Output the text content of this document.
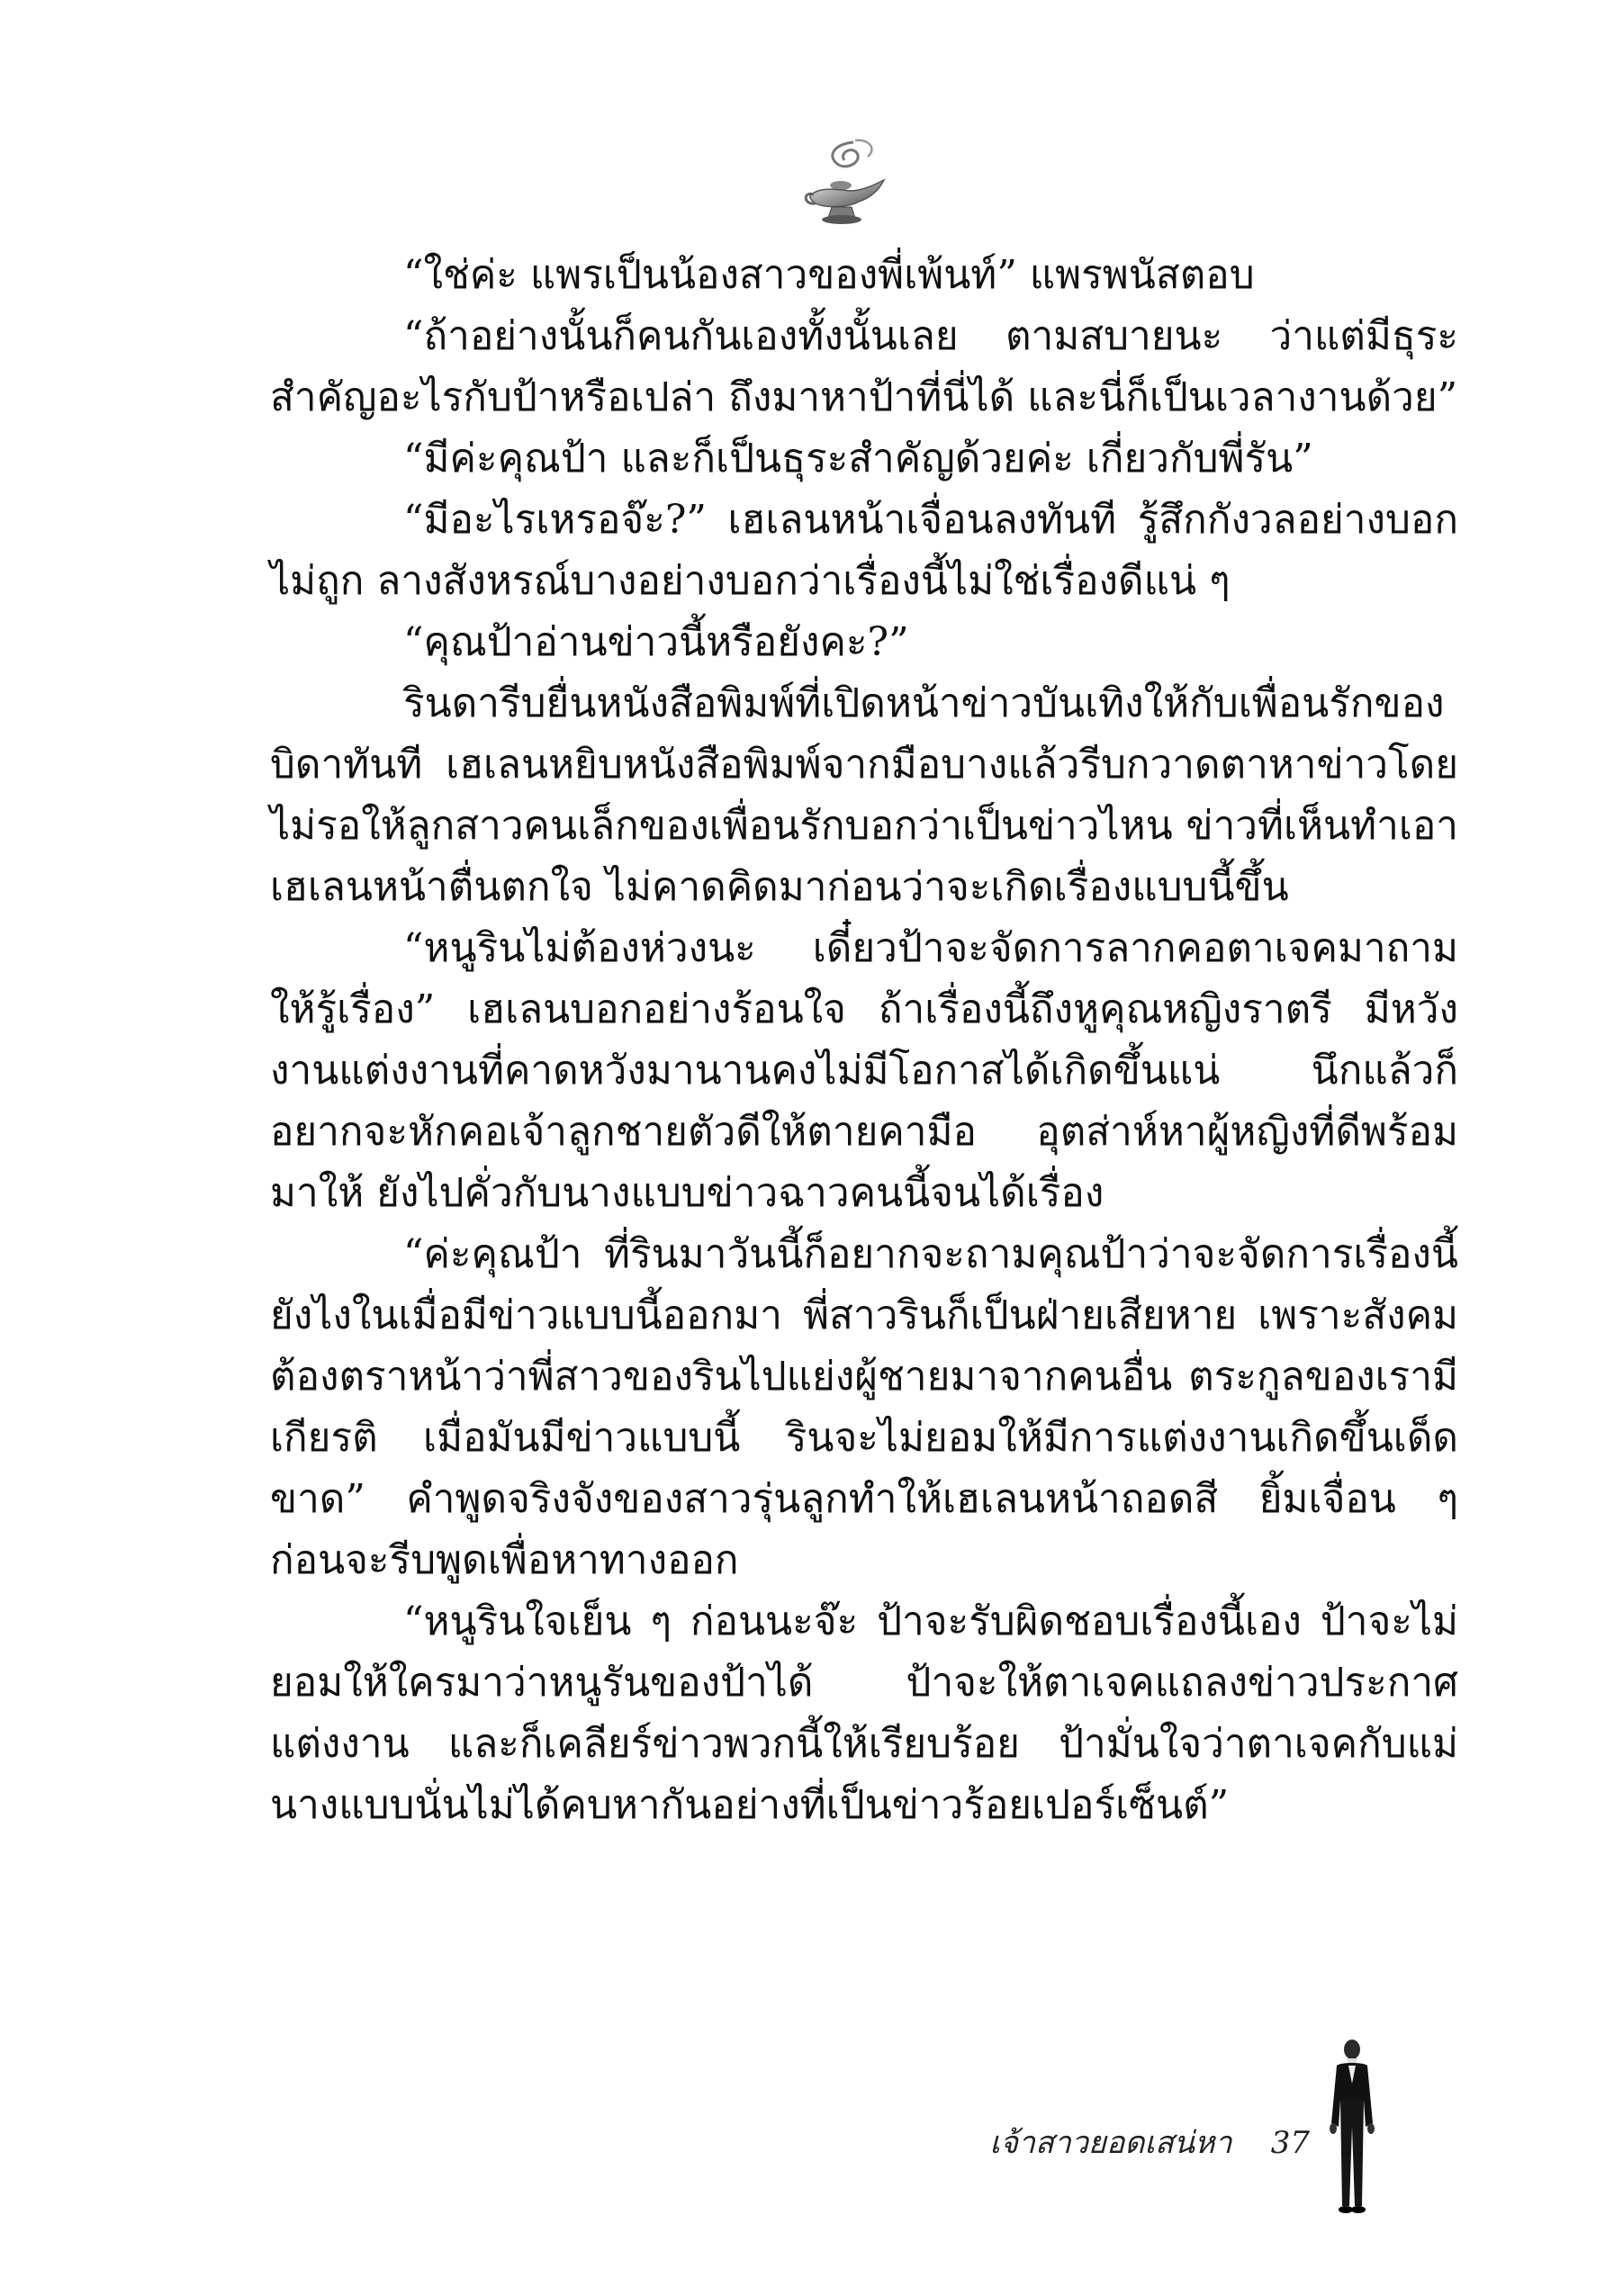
“ใช่ค่ะ แพรเป็นน้องสาวของพี่เพ้นท์” แพรพนัสตอบ

“ถ้าอย่างนั้นก็คนกันเองทั้งนั้นเลย ตามสบายนะ ว่าแต่มีธุระสำคัญอะไรกับป้าหรือเปล่า ถึงมาหาป้าที่นี่ได้ และนี่ก็เป็นเวลางานด้วย”

“มีค่ะคุณป้า และก็เป็นธุระสำคัญด้วยค่ะ เกี่ยวกับพี่รัน”

“มีอะไรเหรอจ๊ะ?” เฮเลนหน้าเจื่อนลงทันที รู้สึกกังวลอย่างบอกไม่ถูก ลางสังหรณ์บางอย่างบอกว่าเรื่องนี้ไม่ใช่เรื่องดีแน่ ๆ

“คุณป้าอ่านข่าวนี้หรือยังคะ?”

รินดารีบยื่นหนังสือพิมพ์ที่เปิดหน้าข่าวบันเทิงให้กับเพื่อนรักของบิดาทันที เฮเลนหยิบหนังสือพิมพ์จากมือบางแล้วรีบกวาดตาหาข่าวโดยไม่รอให้ลูกสาวคนเล็กของเพื่อนรักบอกว่าเป็นข่าวไหน ข่าวที่เห็นทำเอาเฮเลนหน้าตื่นตกใจ ไม่คาดคิดมาก่อนว่าจะเกิดเรื่องแบบนี้ขึ้น

“หนูรินไม่ต้องห่วงนะ เดี๋ยวป้าจะจัดการลากคอตาเจคมาถามให้รู้เรื่อง” เฮเลนบอกอย่างร้อนใจ ถ้าเรื่องนี้ถึงหูคุณหญิงราตรี มีหวังงานแต่งงานที่คาดหวังมานานคงไม่มีโอกาสได้เกิดขึ้นแน่ นึกแล้วก็อยากจะหักคอเจ้าลูกชายตัวดีให้ตายคามือ อุตส่าห์หาผู้หญิงที่ดีพร้อมมาให้ ยังไปคั่วกับนางแบบข่าวฉาวคนนี้จนได้เรื่อง

“ค่ะคุณป้า ที่รินมาวันนี้ก็อยากจะถามคุณป้าว่าจะจัดการเรื่องนี้ยังไงในเมื่อมีข่าวแบบนี้ออกมา พี่สาวรินก็เป็นฝ่ายเสียหาย เพราะสังคมต้องตราหน้าว่าพี่สาวของรินไปแย่งผู้ชายมาจากคนอื่น ตระกูลของเรามีเกียรติ เมื่อมันมีข่าวแบบนี้ รินจะไม่ยอมให้มีการแต่งงานเกิดขึ้นเด็ดขาด” คำพูดจริงจังของสาวรุ่นลูกทำให้เฮเลนหน้าถอดสี ยิ้มเจื่อน ๆ ก่อนจะรีบพูดเพื่อหาทางออก

“หนูรินใจเย็น ๆ ก่อนนะจ๊ะ ป้าจะรับผิดชอบเรื่องนี้เอง ป้าจะไม่ยอมให้ใครมาว่าหนูรันของป้าได้ ป้าจะให้ตาเจคแถลงข่าวประกาศแต่งงาน และก็เคลียร์ข่าวพวกนี้ให้เรียบร้อย ป้ามั่นใจว่าตาเจคกับแม่นางแบบนั่นไม่ได้คบหากันอย่างที่เป็นข่าวร้อยเปอร์เซ็นต์”

เจ้าสาวยอดเสน่หา 37
